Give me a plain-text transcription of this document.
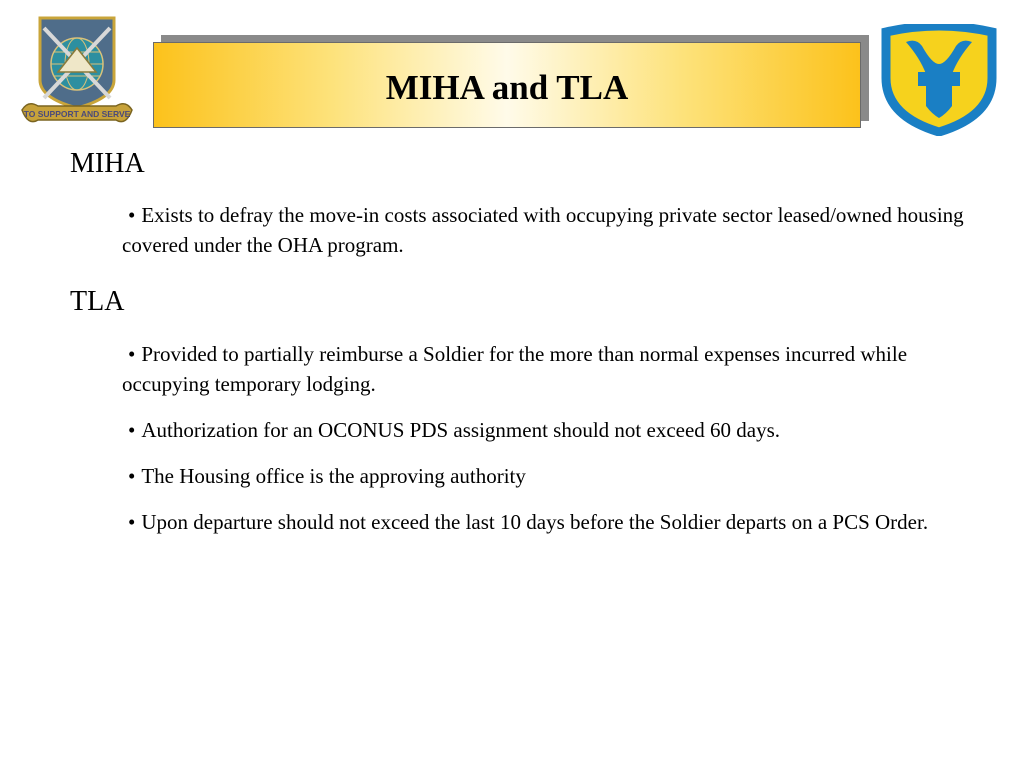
TO SUPPORT AND SERVE
MIHA and TLA
MIHA
• Exists to defray the move-in costs associated with occupying private sector leased/owned housing covered under the OHA program.
TLA
• Provided to partially reimburse a Soldier for the more than normal expenses incurred while occupying temporary lodging.
• Authorization for an OCONUS PDS assignment should not exceed 60 days.
• The Housing office is the approving authority
• Upon departure should not exceed the last 10 days before the Soldier departs on a PCS Order.
